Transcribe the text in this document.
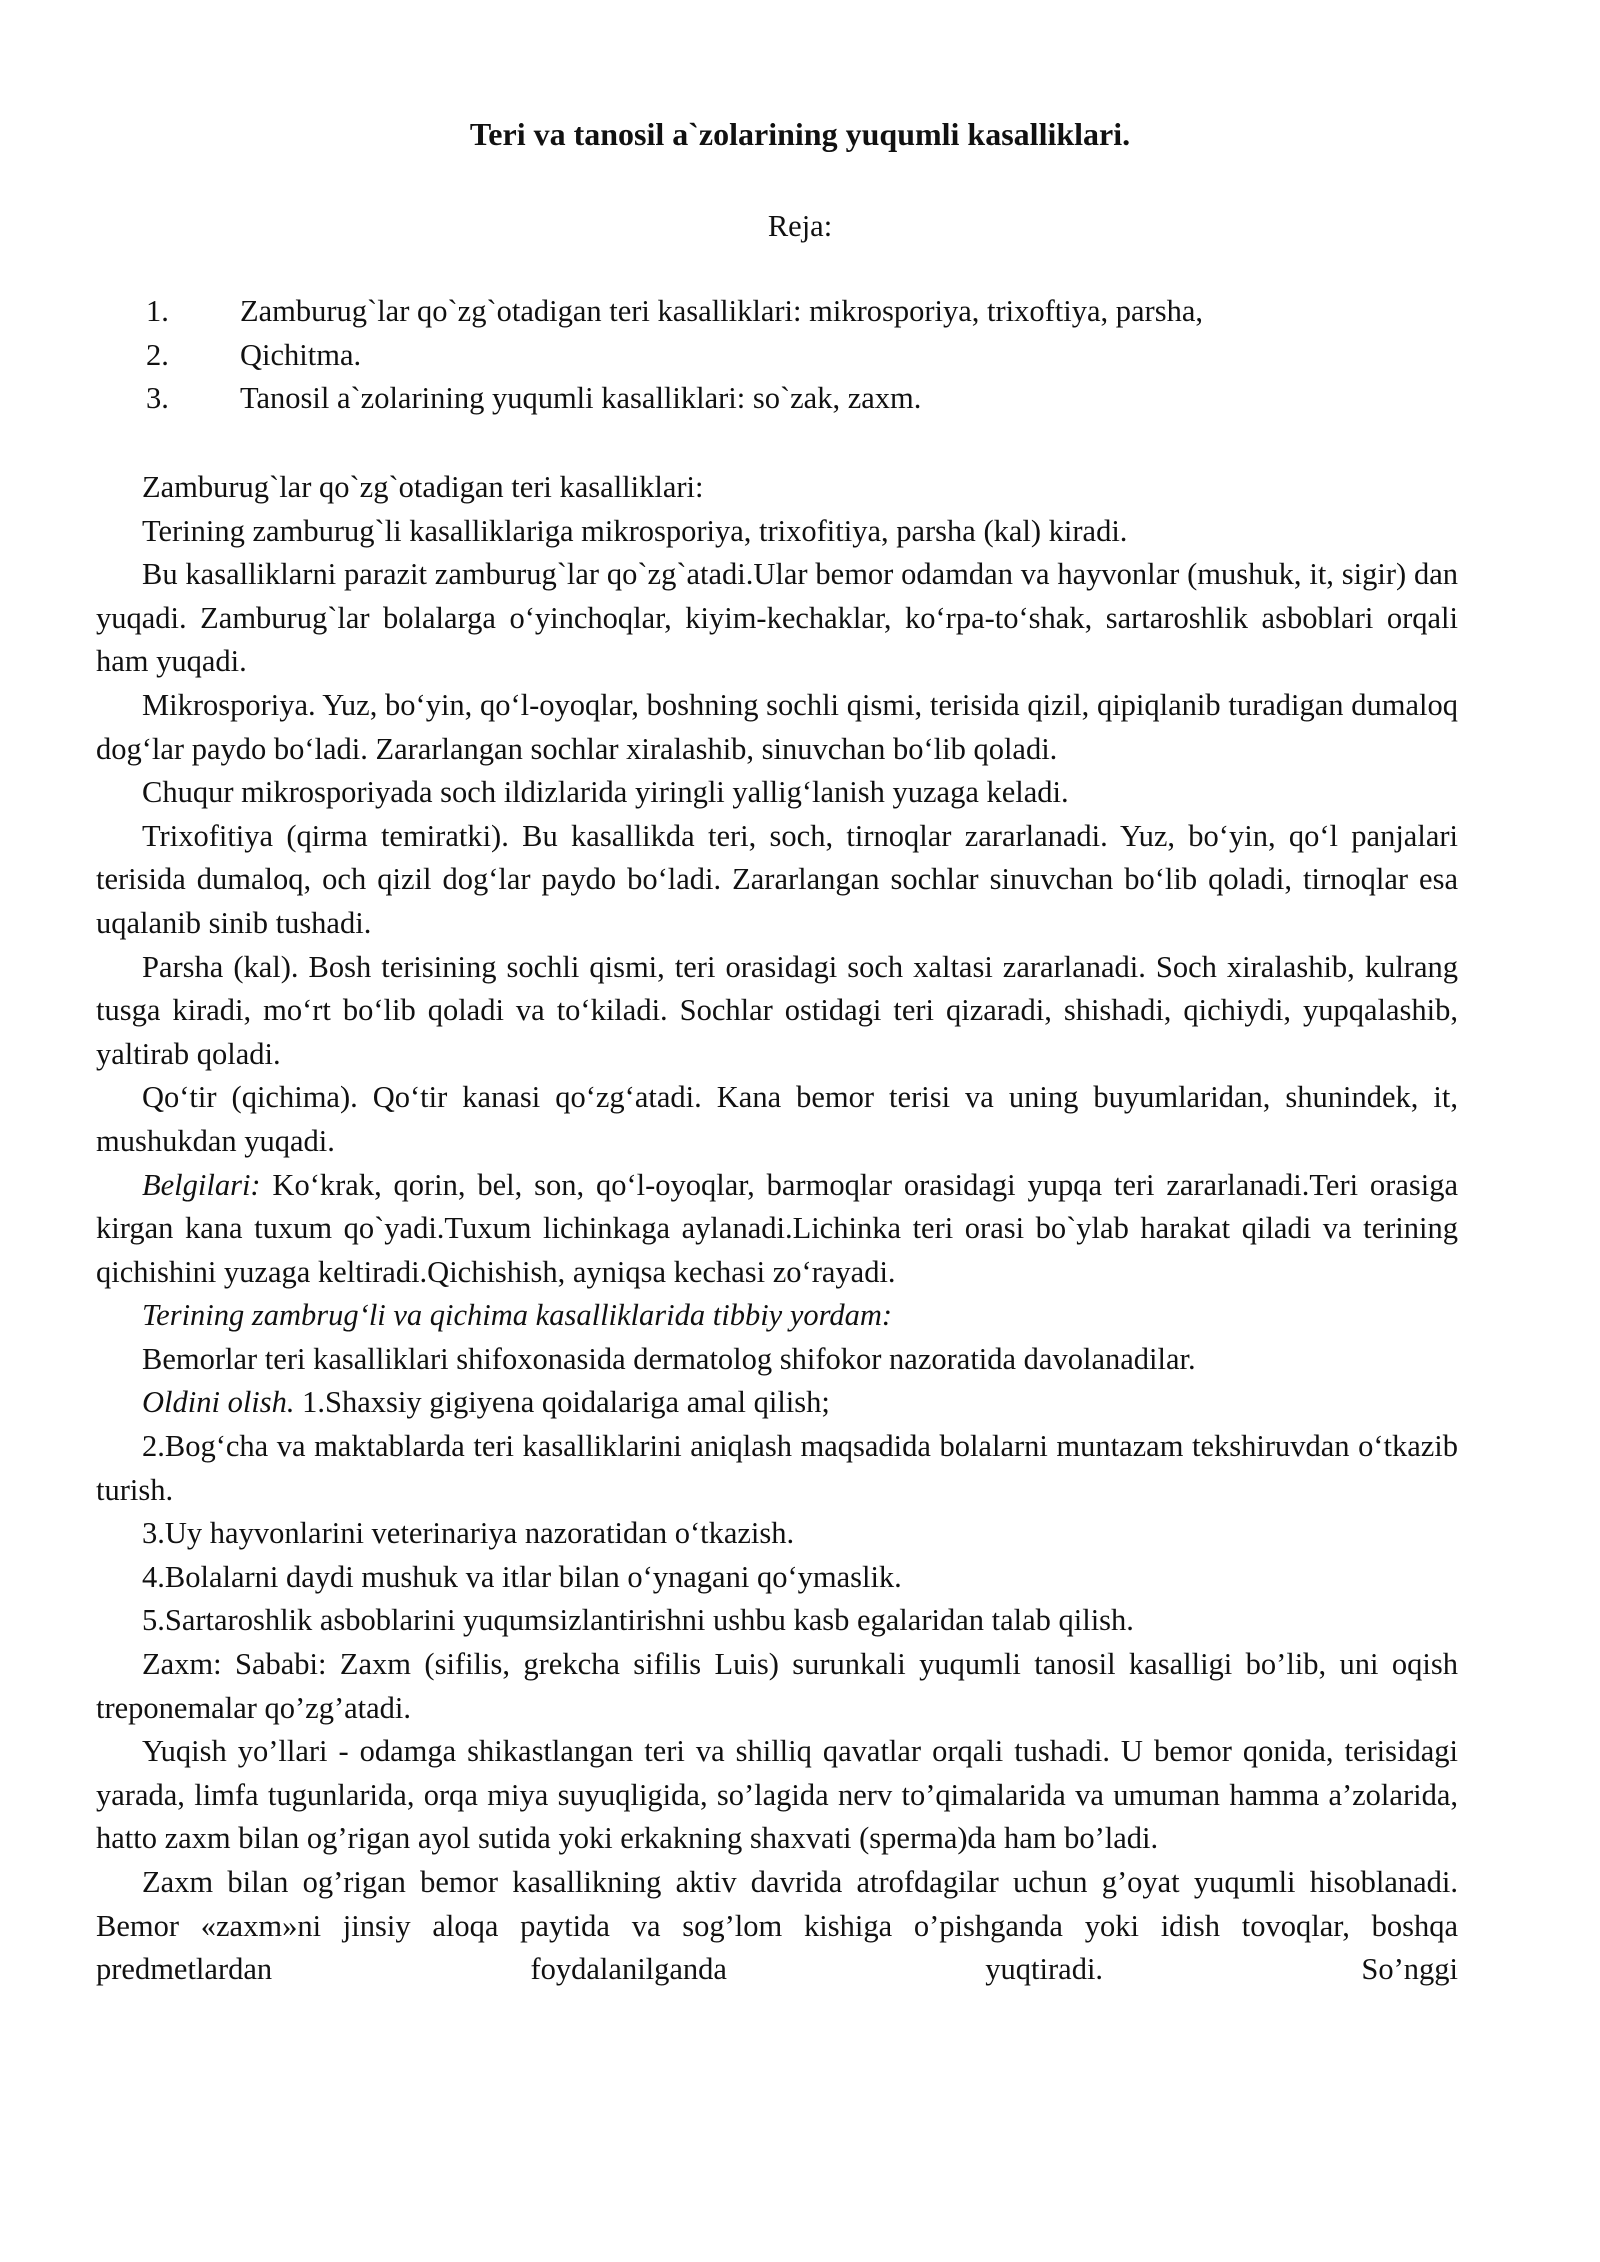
Teri va tanosil a`zolarining yuqumli kasalliklari.
Reja:
1. Zamburug`lar qo`zg`otadigan teri kasalliklari: mikrosporiya, trixoftiya, parsha,
2. Qichitma.
3. Tanosil a`zolarining yuqumli kasalliklari: so`zak, zaxm.

Zamburug`lar qo`zg`otadigan teri kasalliklari:

Terining zamburug`li kasalliklariga mikrosporiya, trixofitiya, parsha (kal) kiradi.

Bu kasalliklarni parazit zamburug`lar qo`zg`atadi.Ular bemor odamdan va hayvonlar (mushuk, it, sigir) dan yuqadi. Zamburug`lar bolalarga o‘yinchoqlar, kiyim-kechaklar, ko‘rpa-to‘shak, sartaroshlik asboblari orqali ham yuqadi.

Mikrosporiya. Yuz, bo‘yin, qo‘l-oyoqlar, boshning sochli qismi, terisida qizil, qipiqlanib turadigan dumaloq dog‘lar paydo bo‘ladi. Zararlangan sochlar xiralashib, sinuvchan bo‘lib qoladi.

Chuqur mikrosporiyada soch ildizlarida yiringli yallig‘lanish yuzaga keladi.

Trixofitiya (qirma temiratki). Bu kasallikda teri, soch, tirnoqlar zararlanadi. Yuz, bo‘yin, qo‘l panjalari terisida dumaloq, och qizil dog‘lar paydo bo‘ladi. Zararlangan sochlar sinuvchan bo‘lib qoladi, tirnoqlar esa uqalanib sinib tushadi.

Parsha (kal). Bosh terisining sochli qismi, teri orasidagi soch xaltasi zararlanadi. Soch xiralashib, kulrang tusga kiradi, mo‘rt bo‘lib qoladi va to‘kiladi. Sochlar ostidagi teri qizaradi, shishadi, qichiydi, yupqalashib, yaltirab qoladi.

Qo‘tir (qichima). Qo‘tir kanasi qo‘zg‘atadi. Kana bemor terisi va uning buyumlaridan, shunindek, it, mushukdan yuqadi.

Belgilari: Ko‘krak, qorin, bel, son, qo‘l-oyoqlar, barmoqlar orasidagi yupqa teri zararlanadi.Teri orasiga kirgan kana tuxum qo`yadi.Tuxum lichinkaga aylanadi.Lichinka teri orasi bo`ylab harakat qiladi va terining qichishini yuzaga keltiradi.Qichishish, ayniqsa kechasi zo‘rayadi.

Terining zambrug‘li va qichima kasalliklarida tibbiy yordam:

Bemorlar teri kasalliklari shifoxonasida dermatolog shifokor nazoratida davolanadilar.

Oldini olish. 1.Shaxsiy gigiyena qoidalariga amal qilish;

2.Bog‘cha va maktablarda teri kasalliklarini aniqlash maqsadida bolalarni muntazam tekshiruvdan o‘tkazib turish.

3.Uy hayvonlarini veterinariya nazoratidan o‘tkazish.

4.Bolalarni daydi mushuk va itlar bilan o‘ynagani qo‘ymaslik.

5.Sartaroshlik asboblarini yuqumsizlantirishni ushbu kasb egalaridan talab qilish.

Zaxm: Sababi: Zaxm (sifilis, grekcha sifilis Luis) surunkali yuqumli tanosil kasalligi bo’lib, uni oqish treponemalar qo’zg’atadi.

Yuqish yo’llari - odamga shikastlangan teri va shilliq qavatlar orqali tushadi. U bemor qonida, terisidagi yarada, limfa tugunlarida, orqa miya suyuqligida, so’lagida nerv to’qimalarida va umuman hamma a’zolarida, hatto zaxm bilan og’rigan ayol sutida yoki erkakning shaxvati (sperma)da ham bo’ladi.

Zaxm bilan og’rigan bemor kasallikning aktiv davrida atrofdagilar uchun g’oyat yuqumli hisoblanadi. Bemor «zaxm»ni jinsiy aloqa paytida va sog’lom kishiga o’pishganda yoki idish tovoqlar, boshqa predmetlardan foydalanilganda yuqtiradi. So’nggi
